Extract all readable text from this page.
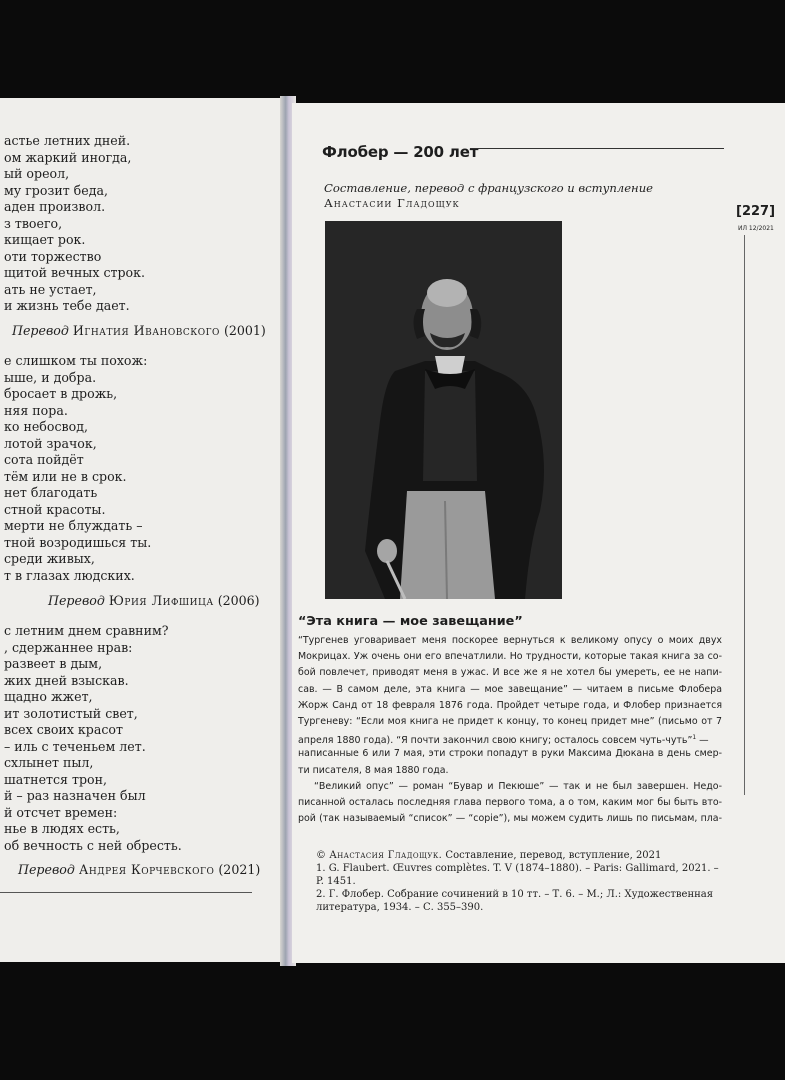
астье летних дней.
ом жаркий иногда,
ый ореол,
му грозит беда,
аден произвол.
з твоего,
кищает рок.
оти торжество
щитой вечных строк.
ать не устает,
и жизнь тебе дает.
Перевод Игнатия Ивановского (2001)
е слишком ты похож:
ыше, и добра.
бросает в дрожь,
няя пора.
ко небосвод,
лотой зрачок,
сота пойдёт
тём или не в срок.
нет благодать
стной красоты.
мерти не блуждать –
тной возродишься ты.
среди живых,
т в глазах людских.
Перевод Юрия Лифшица (2006)
с летним днем сравним?
, сдержаннее нрав:
развеет в дым,
жих дней взыскав.
щадно жжет,
ит золотистый свет,
всех своих красот
– иль с теченьем лет.
схлынет пыл,
шатнется трон,
й – раз назначен был
й отсчет времен:
нье в людях есть,
об вечность с ней обресть.
Перевод Андрея Корчевского (2021)
Флобер — 200 лет
Составление, перевод с французского и вступление
Анастасии Гладощук
[227]
ИЛ 12/2021
“Эта книга — мое завещание”
“Тургенев уговаривает меня поскорее вернуться к великому опусу о моих двух
Мокрицах. Уж очень они его впечатлили. Но трудности, которые такая книга за со-
бой повлечет, приводят меня в ужас. И все же я не хотел бы умереть, ее не напи-
сав. — В самом деле, эта книга — мое завещание” — читаем в письме Флобера
Жорж Санд от 18 февраля 1876 года. Пройдет четыре года, и Флобер признается
Тургеневу: “Если моя книга не придет к концу, то конец придет мне” (письмо от 7
апреля 1880 года). “Я почти закончил свою книгу; осталось совсем чуть-чуть”$^1$ —
написанные 6 или 7 мая, эти строки попадут в руки Максима Дюкана в день смер-
ти писателя, 8 мая 1880 года.
“Великий опус” — роман “Бувар и Пекюше” — так и не был завершен. Недо-
писанной осталась последняя глава первого тома, а о том, каким мог бы быть вто-
рой (так называемый “список” — “copie”), мы можем судить лишь по письмам, пла-
© Анастасия Гладощук. Составление, перевод, вступление, 2021
1. G. Flaubert. Œuvres complètes. T. V (1874–1880). – Paris: Gallimard, 2021. –
P. 1451.
2. Г. Флобер. Собрание сочинений в 10 тт. – Т. 6. – М.; Л.: Художественная
литература, 1934. – С. 355–390.
